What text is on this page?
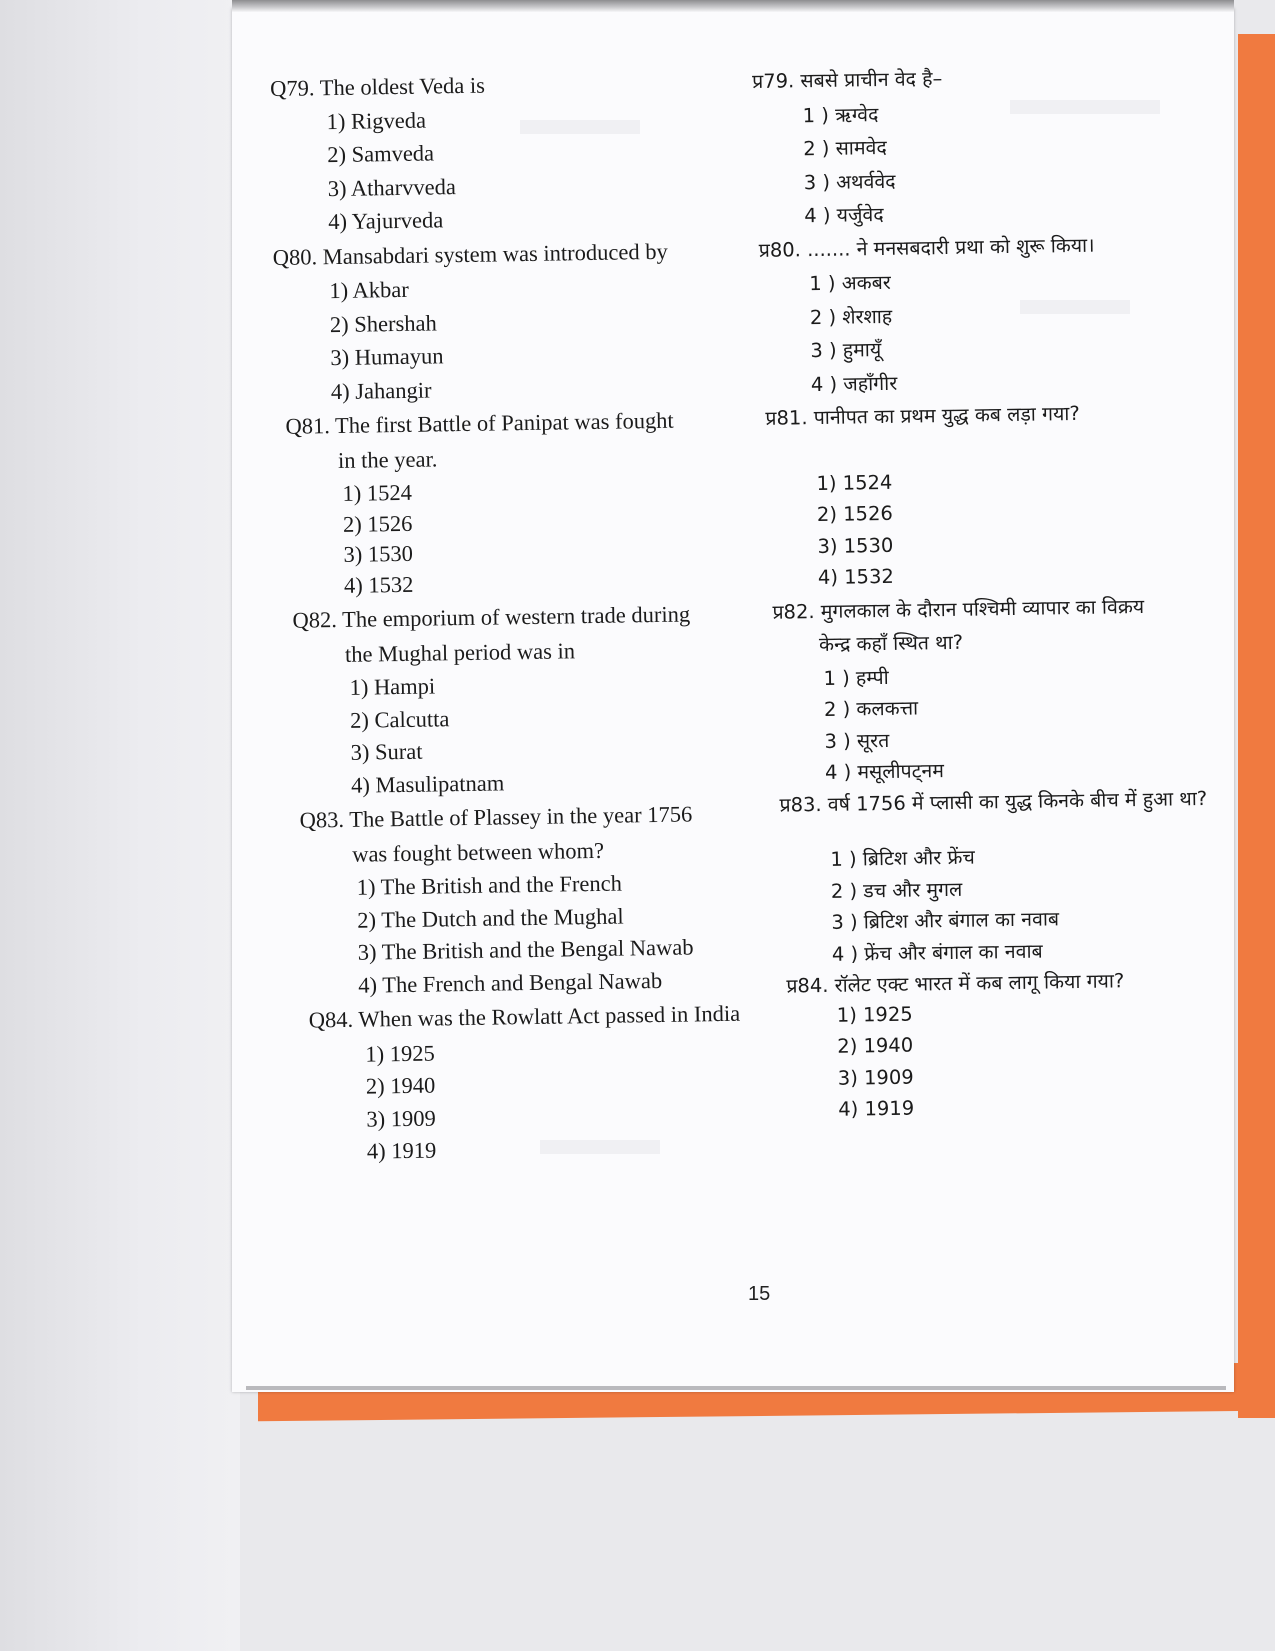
Q79. The oldest Veda is
1) Rigveda
2) Samveda
3) Atharvveda
4) Yajurveda
Q80. Mansabdari system was introduced by
1) Akbar
2) Shershah
3) Humayun
4) Jahangir
Q81. The first Battle of Panipat was fought
in the year.
1) 1524
2) 1526
3) 1530
4) 1532
Q82. The emporium of western trade during
the Mughal period was in
1) Hampi
2) Calcutta
3) Surat
4) Masulipatnam
Q83. The Battle of Plassey in the year 1756
was fought between whom?
1) The British and the French
2) The Dutch and the Mughal
3) The British and the Bengal Nawab
4) The French and Bengal Nawab
Q84. When was the Rowlatt Act passed in India
1) 1925
2) 1940
3) 1909
4) 1919
प्र79. सबसे प्राचीन वेद है–
1 ) ऋग्वेद
2 ) सामवेद
3 ) अथर्ववेद
4 ) यर्जुवेद
प्र80. ....... ने मनसबदारी प्रथा को शुरू किया।
1 ) अकबर
2 ) शेरशाह
3 ) हुमायूँ
4 ) जहाँगीर
प्र81. पानीपत का प्रथम युद्ध कब लड़ा गया?
1) 1524
2) 1526
3) 1530
4) 1532
प्र82. मुगलकाल के दौरान पश्चिमी व्यापार का विक्रय
केन्द्र कहाँ स्थित था?
1 ) हम्पी
2 ) कलकत्ता
3 ) सूरत
4 ) मसूलीपट्नम
प्र83. वर्ष 1756 में प्लासी का युद्ध किनके बीच में हुआ था?
1 ) ब्रिटिश और फ्रेंच
2 ) डच और मुगल
3 ) ब्रिटिश और बंगाल का नवाब
4 ) फ्रेंच और बंगाल का नवाब
प्र84. रॉलेट एक्ट भारत में कब लागू किया गया?
1) 1925
2) 1940
3) 1909
4) 1919
15
